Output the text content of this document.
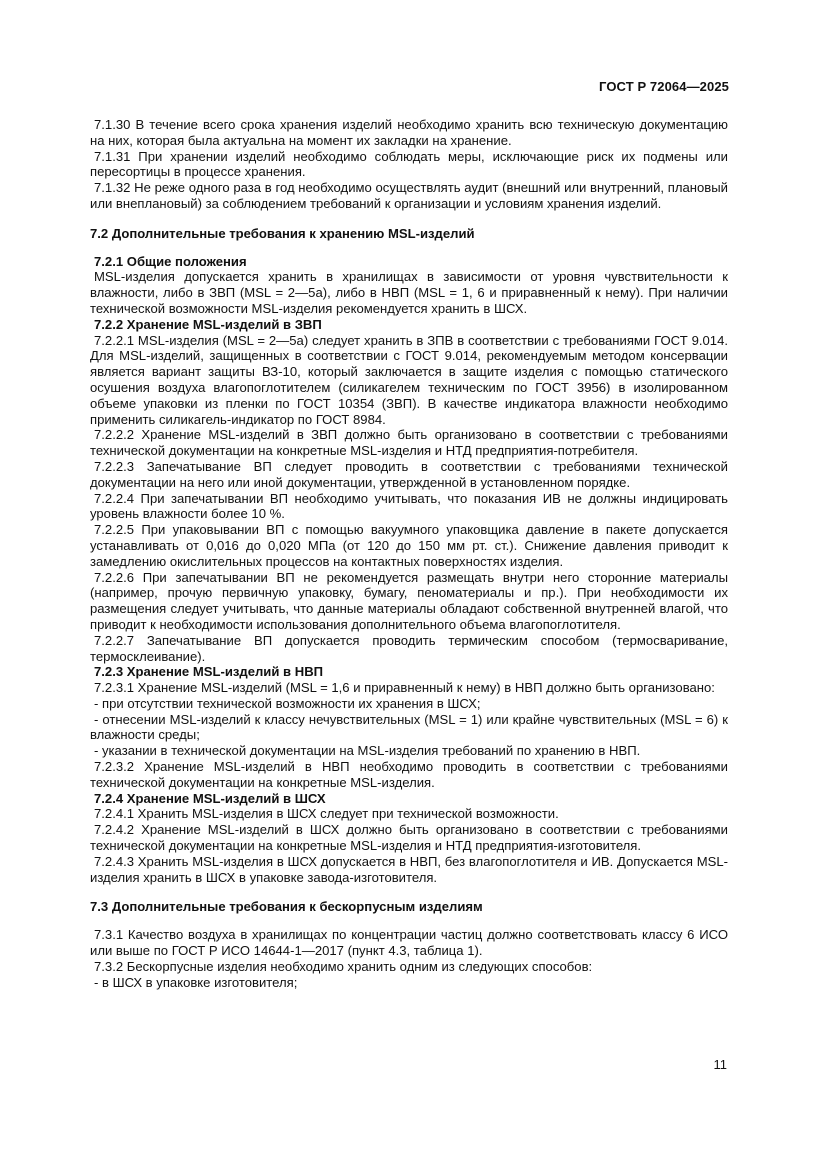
ГОСТ Р 72064—2025

7.1.30 В течение всего срока хранения изделий необходимо хранить всю техническую документацию на них, которая была актуальна на момент их закладки на хранение.

7.1.31 При хранении изделий необходимо соблюдать меры, исключающие риск их подмены или пересортицы в процессе хранения.

7.1.32 Не реже одного раза в год необходимо осуществлять аудит (внешний или внутренний, плановый или внеплановый) за соблюдением требований к организации и условиям хранения изделий.

7.2 Дополнительные требования к хранению MSL-изделий

7.2.1 Общие положения

MSL-изделия допускается хранить в хранилищах в зависимости от уровня чувствительности к влажности, либо в ЗВП (MSL = 2—5а), либо в НВП (MSL = 1, 6 и приравненный к нему). При наличии технической возможности MSL-изделия рекомендуется хранить в ШСХ.

7.2.2 Хранение MSL-изделий в ЗВП

7.2.2.1 MSL-изделия (MSL = 2—5а) следует хранить в ЗПВ в соответствии с требованиями ГОСТ 9.014. Для MSL-изделий, защищенных в соответствии с ГОСТ 9.014, рекомендуемым методом консервации является вариант защиты ВЗ-10, который заключается в защите изделия с помощью статического осушения воздуха влагопоглотителем (силикагелем техническим по ГОСТ 3956) в изолированном объеме упаковки из пленки по ГОСТ 10354 (ЗВП). В качестве индикатора влажности необходимо применить силикагель-индикатор по ГОСТ 8984.

7.2.2.2 Хранение MSL-изделий в ЗВП должно быть организовано в соответствии с требованиями технической документации на конкретные MSL-изделия и НТД предприятия-потребителя.

7.2.2.3 Запечатывание ВП следует проводить в соответствии с требованиями технической документации на него или иной документации, утвержденной в установленном порядке.

7.2.2.4 При запечатывании ВП необходимо учитывать, что показания ИВ не должны индицировать уровень влажности более 10 %.

7.2.2.5 При упаковывании ВП с помощью вакуумного упаковщика давление в пакете допускается устанавливать от 0,016 до 0,020 МПа (от 120 до 150 мм рт. ст.). Снижение давления приводит к замедлению окислительных процессов на контактных поверхностях изделия.

7.2.2.6 При запечатывании ВП не рекомендуется размещать внутри него сторонние материалы (например, прочую первичную упаковку, бумагу, пеноматериалы и пр.). При необходимости их размещения следует учитывать, что данные материалы обладают собственной внутренней влагой, что приводит к необходимости использования дополнительного объема влагопоглотителя.

7.2.2.7 Запечатывание ВП допускается проводить термическим способом (термосваривание, термосклеивание).

7.2.3 Хранение MSL-изделий в НВП

7.2.3.1 Хранение MSL-изделий (MSL = 1,6 и приравненный к нему) в НВП должно быть организовано:

- при отсутствии технической возможности их хранения в ШСХ;

- отнесении MSL-изделий к классу нечувствительных (MSL = 1) или крайне чувствительных (MSL = 6) к влажности среды;

- указании в технической документации на MSL-изделия требований по хранению в НВП.

7.2.3.2 Хранение MSL-изделий в НВП необходимо проводить в соответствии с требованиями технической документации на конкретные MSL-изделия.

7.2.4 Хранение MSL-изделий в ШСХ

7.2.4.1 Хранить MSL-изделия в ШСХ следует при технической возможности.

7.2.4.2 Хранение MSL-изделий в ШСХ должно быть организовано в соответствии с требованиями технической документации на конкретные MSL-изделия и НТД предприятия-изготовителя.

7.2.4.3 Хранить MSL-изделия в ШСХ допускается в НВП, без влагопоглотителя и ИВ. Допускается MSL-изделия хранить в ШСХ в упаковке завода-изготовителя.

7.3 Дополнительные требования к бескорпусным изделиям

7.3.1 Качество воздуха в хранилищах по концентрации частиц должно соответствовать классу 6 ИСО или выше по ГОСТ Р ИСО 14644-1—2017 (пункт 4.3, таблица 1).

7.3.2 Бескорпусные изделия необходимо хранить одним из следующих способов:

- в ШСХ в упаковке изготовителя;

11
